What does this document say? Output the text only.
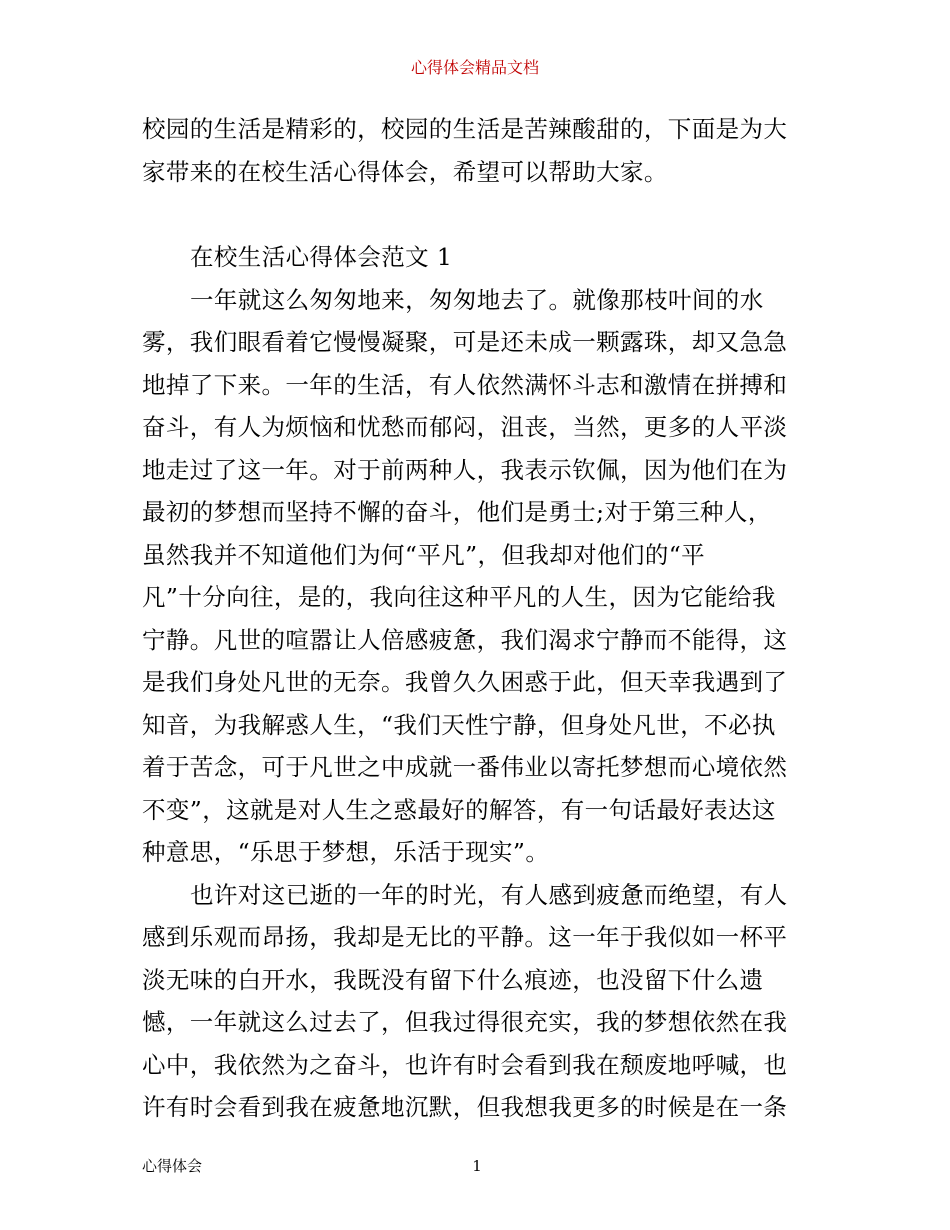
心得体会精品文档
校园的生活是精彩的，校园的生活是苦辣酸甜的，下面是为大
家带来的在校生活心得体会，希望可以帮助大家。
在校生活心得体会范文 1
一年就这么匆匆地来，匆匆地去了。就像那枝叶间的水
雾，我们眼看着它慢慢凝聚，可是还未成一颗露珠，却又急急
地掉了下来。一年的生活，有人依然满怀斗志和激情在拼搏和
奋斗，有人为烦恼和忧愁而郁闷，沮丧，当然，更多的人平淡
地走过了这一年。对于前两种人，我表示钦佩，因为他们在为
最初的梦想而坚持不懈的奋斗，他们是勇士;对于第三种人，
虽然我并不知道他们为何“平凡”，但我却对他们的“平
凡”十分向往，是的，我向往这种平凡的人生，因为它能给我
宁静。凡世的喧嚣让人倍感疲惫，我们渴求宁静而不能得，这
是我们身处凡世的无奈。我曾久久困惑于此，但天幸我遇到了
知音，为我解惑人生，“我们天性宁静，但身处凡世，不必执
着于苦念，可于凡世之中成就一番伟业以寄托梦想而心境依然
不变”，这就是对人生之惑最好的解答，有一句话最好表达这
种意思，“乐思于梦想，乐活于现实”。
也许对这已逝的一年的时光，有人感到疲惫而绝望，有人
感到乐观而昂扬，我却是无比的平静。这一年于我似如一杯平
淡无味的白开水，我既没有留下什么痕迹，也没留下什么遗
憾，一年就这么过去了，但我过得很充实，我的梦想依然在我
心中，我依然为之奋斗，也许有时会看到我在颓废地呼喊，也
许有时会看到我在疲惫地沉默，但我想我更多的时候是在一条
心得体会	1
